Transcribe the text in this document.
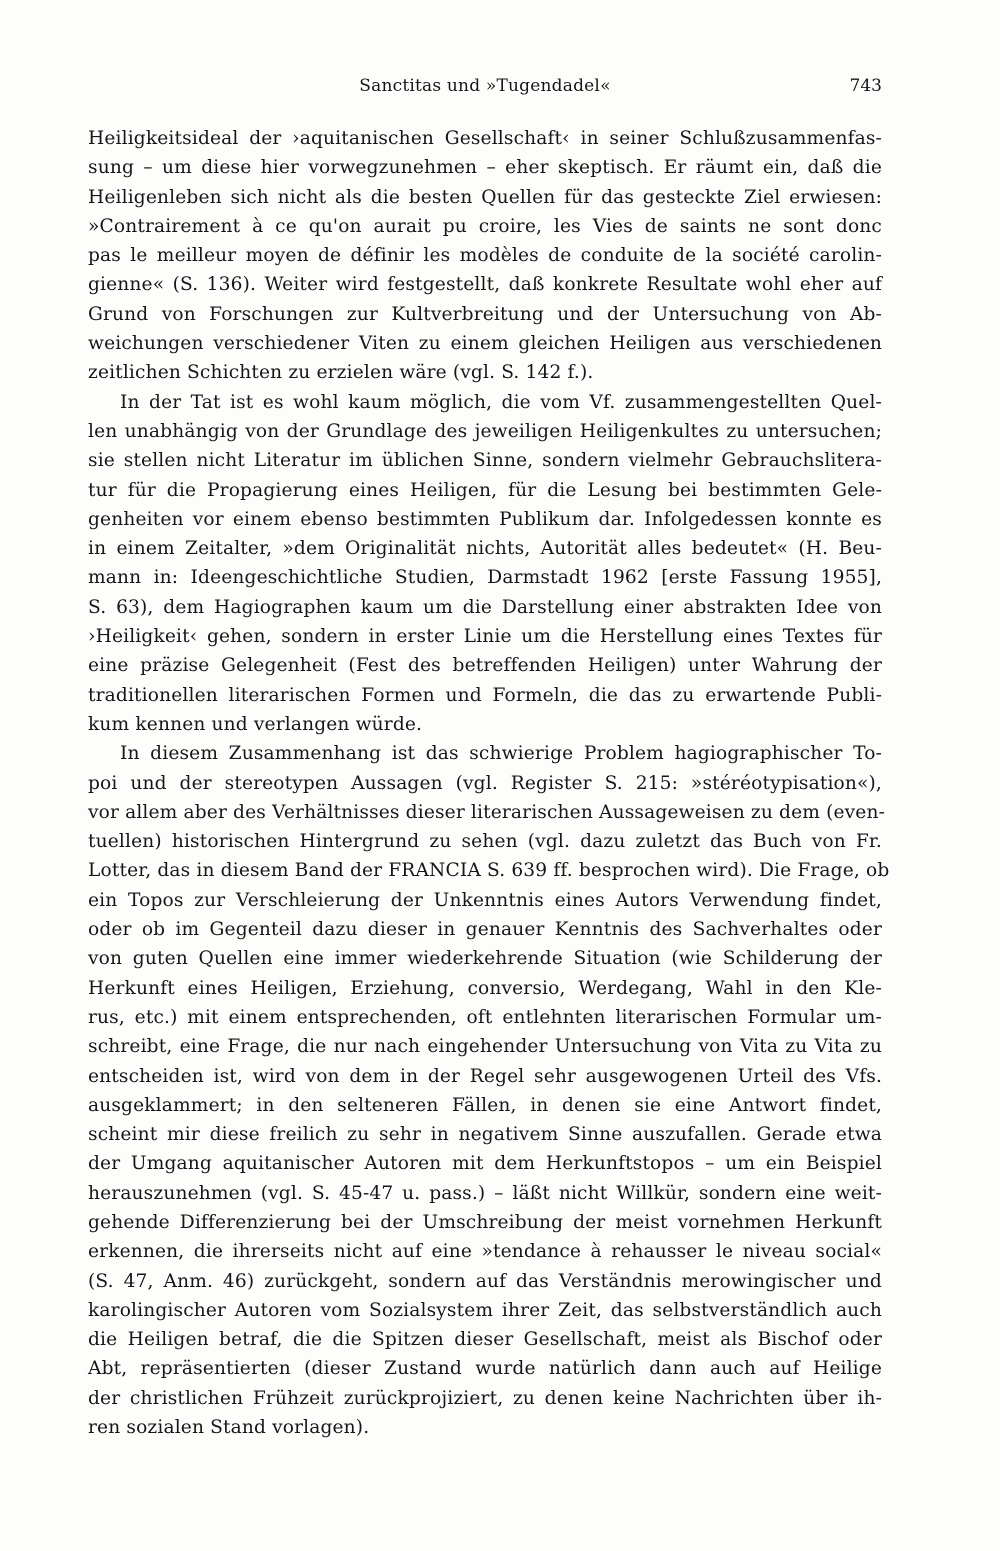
Sanctitas und »Tugendadel«	743
Heiligkeitsideal der ›aquitanischen Gesellschaft‹ in seiner Schlußzusammenfas-
sung – um diese hier vorwegzunehmen – eher skeptisch. Er räumt ein, daß die
Heiligenleben sich nicht als die besten Quellen für das gesteckte Ziel erwiesen:
»Contrairement à ce qu'on aurait pu croire, les Vies de saints ne sont donc
pas le meilleur moyen de définir les modèles de conduite de la société carolin-
gienne« (S. 136). Weiter wird festgestellt, daß konkrete Resultate wohl eher auf
Grund von Forschungen zur Kultverbreitung und der Untersuchung von Ab-
weichungen verschiedener Viten zu einem gleichen Heiligen aus verschiedenen
zeitlichen Schichten zu erzielen wäre (vgl. S. 142 f.).
In der Tat ist es wohl kaum möglich, die vom Vf. zusammengestellten Quel-
len unabhängig von der Grundlage des jeweiligen Heiligenkultes zu untersuchen;
sie stellen nicht Literatur im üblichen Sinne, sondern vielmehr Gebrauchslitera-
tur für die Propagierung eines Heiligen, für die Lesung bei bestimmten Gele-
genheiten vor einem ebenso bestimmten Publikum dar. Infolgedessen konnte es
in einem Zeitalter, »dem Originalität nichts, Autorität alles bedeutet« (H. Beu-
mann in: Ideengeschichtliche Studien, Darmstadt 1962 [erste Fassung 1955],
S. 63), dem Hagiographen kaum um die Darstellung einer abstrakten Idee von
›Heiligkeit‹ gehen, sondern in erster Linie um die Herstellung eines Textes für
eine präzise Gelegenheit (Fest des betreffenden Heiligen) unter Wahrung der
traditionellen literarischen Formen und Formeln, die das zu erwartende Publi-
kum kennen und verlangen würde.
In diesem Zusammenhang ist das schwierige Problem hagiographischer To-
poi und der stereotypen Aussagen (vgl. Register S. 215: »stéréotypisation«),
vor allem aber des Verhältnisses dieser literarischen Aussageweisen zu dem (even-
tuellen) historischen Hintergrund zu sehen (vgl. dazu zuletzt das Buch von Fr.
Lotter, das in diesem Band der FRANCIA S. 639 ff. besprochen wird). Die Frage, ob
ein Topos zur Verschleierung der Unkenntnis eines Autors Verwendung findet,
oder ob im Gegenteil dazu dieser in genauer Kenntnis des Sachverhaltes oder
von guten Quellen eine immer wiederkehrende Situation (wie Schilderung der
Herkunft eines Heiligen, Erziehung, conversio, Werdegang, Wahl in den Kle-
rus, etc.) mit einem entsprechenden, oft entlehnten literarischen Formular um-
schreibt, eine Frage, die nur nach eingehender Untersuchung von Vita zu Vita zu
entscheiden ist, wird von dem in der Regel sehr ausgewogenen Urteil des Vfs.
ausgeklammert; in den selteneren Fällen, in denen sie eine Antwort findet,
scheint mir diese freilich zu sehr in negativem Sinne auszufallen. Gerade etwa
der Umgang aquitanischer Autoren mit dem Herkunftstopos – um ein Beispiel
herauszunehmen (vgl. S. 45-47 u. pass.) – läßt nicht Willkür, sondern eine weit-
gehende Differenzierung bei der Umschreibung der meist vornehmen Herkunft
erkennen, die ihrerseits nicht auf eine »tendance à rehausser le niveau social«
(S. 47, Anm. 46) zurückgeht, sondern auf das Verständnis merowingischer und
karolingischer Autoren vom Sozialsystem ihrer Zeit, das selbstverständlich auch
die Heiligen betraf, die die Spitzen dieser Gesellschaft, meist als Bischof oder
Abt, repräsentierten (dieser Zustand wurde natürlich dann auch auf Heilige
der christlichen Frühzeit zurückprojiziert, zu denen keine Nachrichten über ih-
ren sozialen Stand vorlagen).
